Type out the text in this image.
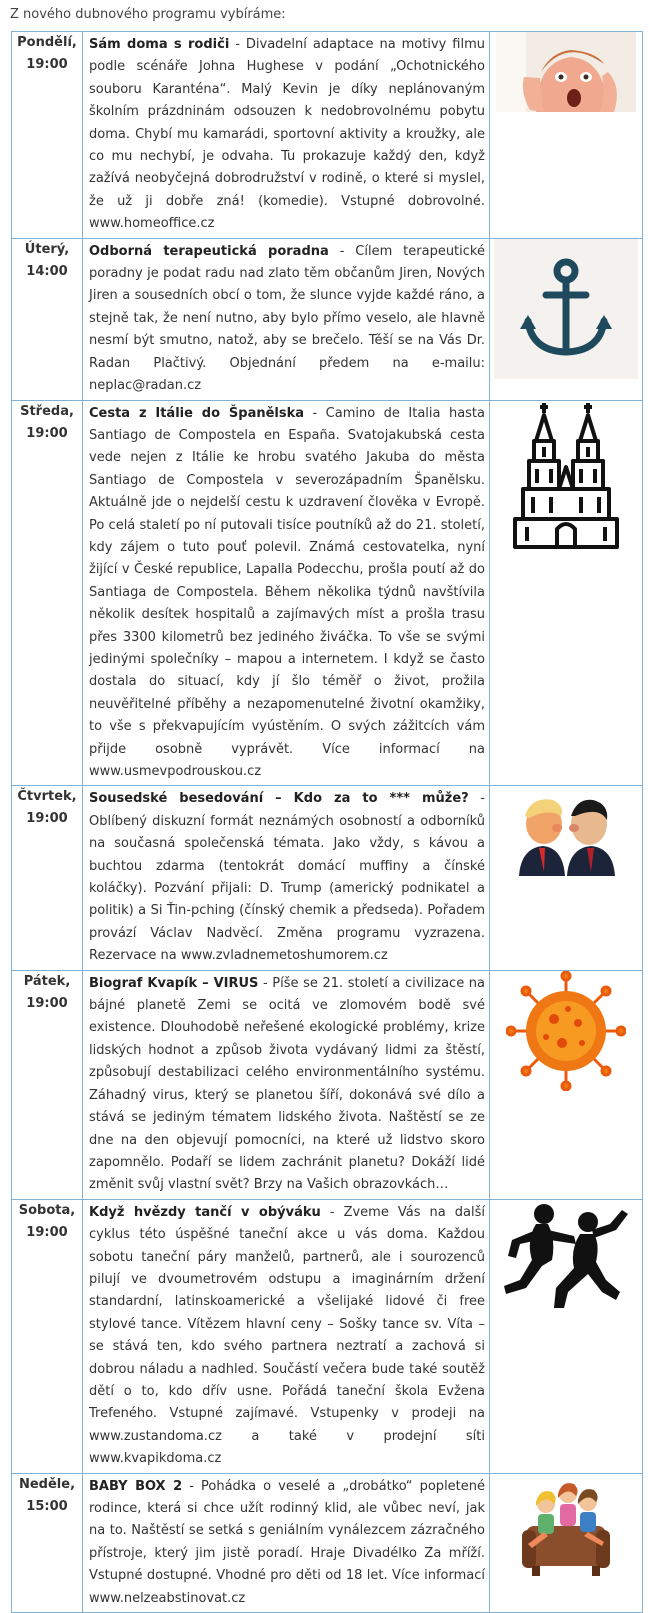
Z nového dubnového programu vybíráme:
Pondělí,
19:00	Sám doma s rodiči - Divadelní adaptace na motivy filmu podle scénáře Johna Hughese v podání „Ochotnického souboru Karanténa“. Malý Kevin je díky neplánovaným školním prázdninám odsouzen k nedobrovolnému pobytu doma. Chybí mu kamarádi, sportovní aktivity a kroužky, ale co mu nechybí, je odvaha. Tu prokazuje každý den, když zažívá neobyčejná dobrodružství v rodině, o které si myslel, že už ji dobře zná! (komedie). Vstupné dobrovolné. www.homeoffice.cz	

Úterý,
14:00	Odborná terapeutická poradna - Cílem terapeutické poradny je podat radu nad zlato těm občanům Jiren, Nových Jiren a sousedních obcí o tom, že slunce vyjde každé ráno, a stejně tak, že není nutno, aby bylo přímo veselo, ale hlavně nesmí být smutno, natož, aby se brečelo. Těší se na Vás Dr. Radan Plačtivý. Objednání předem na e-mailu: neplac@radan.cz	

Středa,
19:00	Cesta z Itálie do Španělska - Camino de Italia hasta Santiago de Compostela en España. Svatojakubská cesta vede nejen z Itálie ke hrobu svatého Jakuba do města Santiago de Compostela v severozápadním Španělsku. Aktuálně jde o nejdelší cestu k uzdravení člověka v Evropě. Po celá staletí po ní putovali tisíce poutníků až do 21. století, kdy zájem o tuto pouť polevil. Známá cestovatelka, nyní žijící v České republice, Lapalla Podecchu, prošla poutí až do Santiaga de Compostela. Během několika týdnů navštívila několik desítek hospitalů a zajímavých míst a prošla trasu přes 3300 kilometrů bez jediného živáčka. To vše se svými jedinými společníky – mapou a internetem. I když se často dostala do situací, kdy jí šlo téměř o život, prožila neuvěřitelné příběhy a nezapomenutelné životní okamžiky, to vše s překvapujícím vyústěním. O svých zážitcích vám přijde osobně vyprávět. Více informací na www.usmevpodrouskou.cz	

Čtvrtek,
19:00	Sousedské besedování – Kdo za to *** může? - Oblíbený diskuzní formát neznámých osobností a odborníků na současná společenská témata. Jako vždy, s kávou a buchtou zdarma (tentokrát domácí muffiny a čínské koláčky). Pozvání přijali: D. Trump (americký podnikatel a politik) a Si Ťin-pching (čínský chemik a předseda). Pořadem provází Václav Nadvěcí. Změna programu vyzrazena. Rezervace na www.zvladnemetoshumorem.cz	

Pátek,
19:00	Biograf Kvapík – VIRUS - Píše se 21. století a civilizace na bájné planetě Zemi se ocitá ve zlomovém bodě své existence. Dlouhodobě neřešené ekologické problémy, krize lidských hodnot a způsob života vydávaný lidmi za štěstí, způsobují destabilizaci celého environmentálního systému. Záhadný virus, který se planetou šíří, dokonává své dílo a stává se jediným tématem lidského života. Naštěstí se ze dne na den objevují pomocníci, na které už lidstvo skoro zapomnělo. Podaří se lidem zachránit planetu? Dokáží lidé změnit svůj vlastní svět? Brzy na Vašich obrazovkách…	

Sobota,
19:00	Když hvězdy tančí v obýváku - Zveme Vás na další cyklus této úspěšné taneční akce u vás doma. Každou sobotu taneční páry manželů, partnerů, ale i sourozenců pilují ve dvoumetrovém odstupu a imaginárním držení standardní, latinskoamerické a všelijaké lidové či free stylové tance. Vítězem hlavní ceny – Sošky tance sv. Víta – se stává ten, kdo svého partnera neztratí a zachová si dobrou náladu a nadhled. Součástí večera bude také soutěž dětí o to, kdo dřív usne. Pořádá taneční škola Evžena Trefeného. Vstupné zajímavé. Vstupenky v prodeji na www.zustandoma.cz a také v prodejní síti www.kvapikdoma.cz	

Neděle,
15:00	BABY BOX 2 - Pohádka o veselé a „drobátko“ popletené rodince, která si chce užít rodinný klid, ale vůbec neví, jak na to. Naštěstí se setká s geniálním vynálezcem zázračného přístroje, který jim jistě poradí. Hraje Divadélko Za mříží. Vstupné dostupné. Vhodné pro děti od 18 let. Více informací www.nelzeabstinovat.cz	
